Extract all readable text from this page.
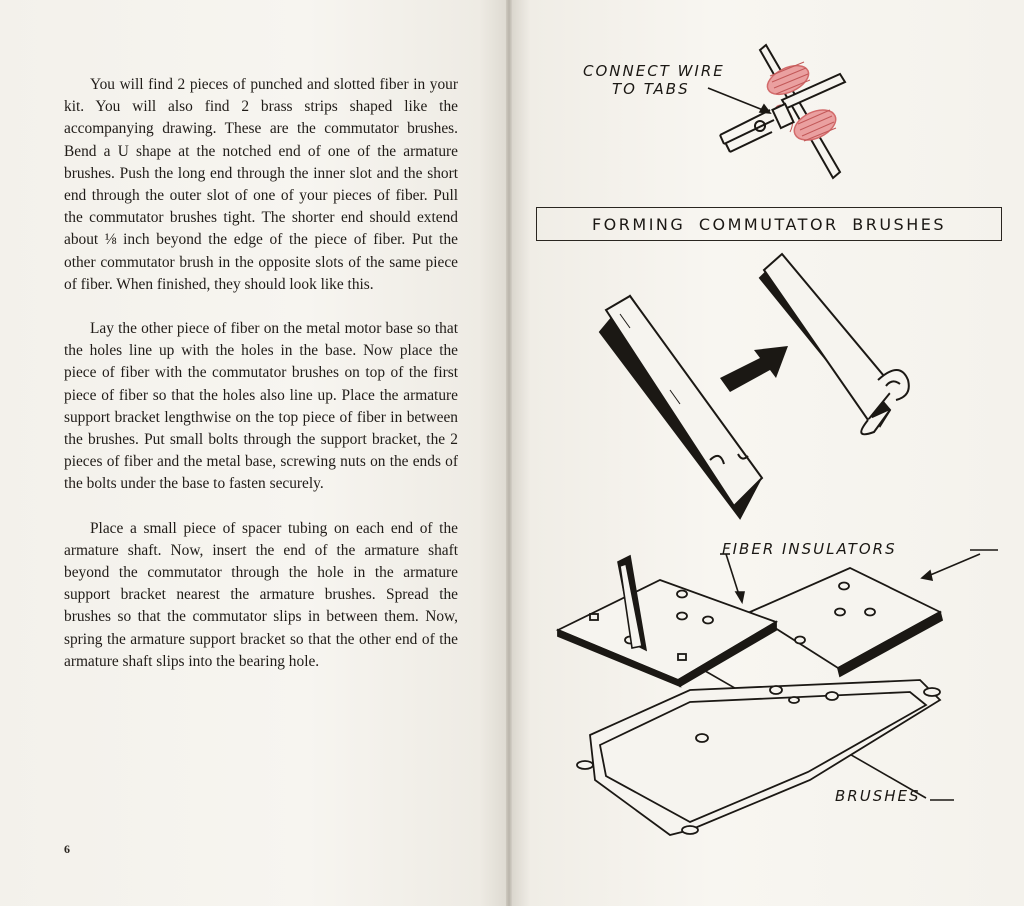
You will find 2 pieces of punched and slotted fiber in your kit. You will also find 2 brass strips shaped like the accompanying drawing. These are the commutator brushes. Bend a U shape at the notched end of one of the armature brushes. Push the long end through the inner slot and the short end through the outer slot of one of your pieces of fiber. Pull the commutator brushes tight. The shorter end should extend about ⅛ inch beyond the edge of the piece of fiber. Put the other commutator brush in the opposite slots of the same piece of fiber. When finished, they should look like this.

Lay the other piece of fiber on the metal motor base so that the holes line up with the holes in the base. Now place the piece of fiber with the commutator brushes on top of the first piece of fiber so that the holes also line up. Place the armature support bracket lengthwise on the top piece of fiber in between the brushes. Put small bolts through the support bracket, the 2 pieces of fiber and the metal base, screwing nuts on the ends of the bolts under the base to fasten securely.

Place a small piece of spacer tubing on each end of the armature shaft. Now, insert the end of the armature shaft beyond the commutator through the hole in the armature support bracket nearest the armature brushes. Spread the brushes so that the commutator slips in between them. Now, spring the armature support bracket so that the other end of the armature shaft slips into the bearing hole.

6
CONNECT WIRE
TO TABS
FORMING COMMUTATOR BRUSHES
FIBER INSULATORS
BRUSHES
